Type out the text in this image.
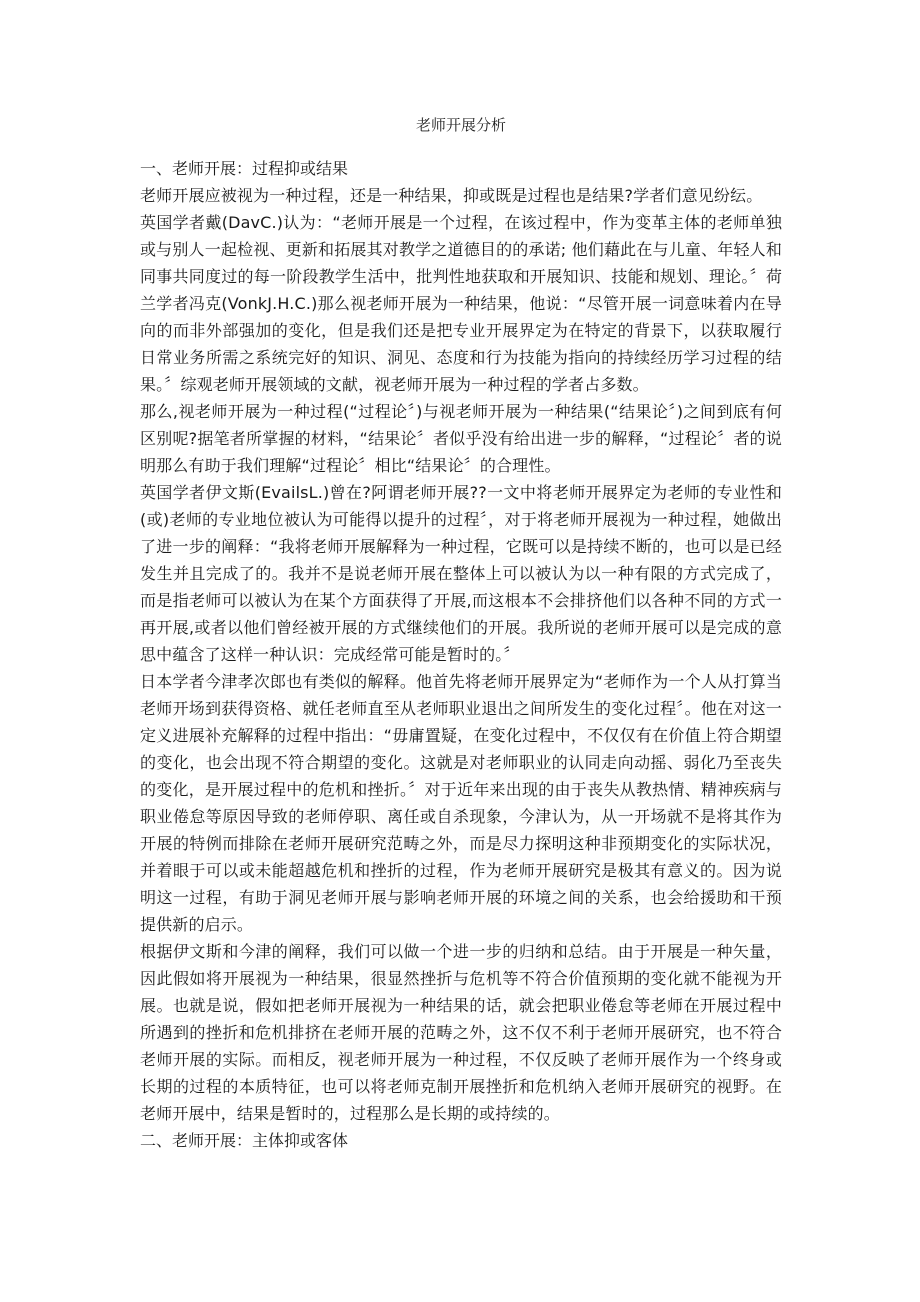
老师开展分析
一、老师开展：过程抑或结果

老师开展应被视为一种过程，还是一种结果，抑或既是过程也是结果?学者们意见纷纭。

英国学者戴(DavC.)认为：“老师开展是一个过程，在该过程中，作为变革主体的老师单独或与别人一起检视、更新和拓展其对教学之道德目的的承诺; 他们藉此在与儿童、年轻人和同事共同度过的每一阶段教学生活中，批判性地获取和开展知识、技能和规划、理论。〞荷兰学者冯克(VonkJ.H.C.)那么视老师开展为一种结果，他说：“尽管开展一词意味着内在导向的而非外部强加的变化，但是我们还是把专业开展界定为在特定的背景下，以获取履行日常业务所需之系统完好的知识、洞见、态度和行为技能为指向的持续经历学习过程的结果。〞综观老师开展领域的文献，视老师开展为一种过程的学者占多数。

那么,视老师开展为一种过程(“过程论〞)与视老师开展为一种结果(“结果论〞)之间到底有何区别呢?据笔者所掌握的材料，“结果论〞者似乎没有给出进一步的解释，“过程论〞者的说明那么有助于我们理解“过程论〞相比“结果论〞的合理性。

英国学者伊文斯(EvailsL.)曾在?阿谓老师开展??一文中将老师开展界定为老师的专业性和(或)老师的专业地位被认为可能得以提升的过程〞，对于将老师开展视为一种过程，她做出了进一步的阐释：“我将老师开展解释为一种过程，它既可以是持续不断的，也可以是已经发生并且完成了的。我并不是说老师开展在整体上可以被认为以一种有限的方式完成了，而是指老师可以被认为在某个方面获得了开展,而这根本不会排挤他们以各种不同的方式一再开展,或者以他们曾经被开展的方式继续他们的开展。我所说的老师开展可以是完成的意思中蕴含了这样一种认识：完成经常可能是暂时的。〞

日本学者今津孝次郎也有类似的解释。他首先将老师开展界定为“老师作为一个人从打算当老师开场到获得资格、就任老师直至从老师职业退出之间所发生的变化过程〞。他在对这一定义进展补充解释的过程中指出：“毋庸置疑，在变化过程中，不仅仅有在价值上符合期望的变化，也会出现不符合期望的变化。这就是对老师职业的认同走向动摇、弱化乃至丧失的变化，是开展过程中的危机和挫折。〞对于近年来出现的由于丧失从教热情、精神疾病与职业倦怠等原因导致的老师停职、离任或自杀现象，今津认为，从一开场就不是将其作为开展的特例而排除在老师开展研究范畴之外，而是尽力探明这种非预期变化的实际状况，并着眼于可以或未能超越危机和挫折的过程，作为老师开展研究是极其有意义的。因为说明这一过程，有助于洞见老师开展与影响老师开展的环境之间的关系，也会给援助和干预提供新的启示。

根据伊文斯和今津的阐释，我们可以做一个进一步的归纳和总结。由于开展是一种矢量，因此假如将开展视为一种结果，很显然挫折与危机等不符合价值预期的变化就不能视为开展。也就是说，假如把老师开展视为一种结果的话，就会把职业倦怠等老师在开展过程中所遇到的挫折和危机排挤在老师开展的范畴之外，这不仅不利于老师开展研究，也不符合老师开展的实际。而相反，视老师开展为一种过程，不仅反映了老师开展作为一个终身或长期的过程的本质特征，也可以将老师克制开展挫折和危机纳入老师开展研究的视野。在老师开展中，结果是暂时的，过程那么是长期的或持续的。

二、老师开展：主体抑或客体
